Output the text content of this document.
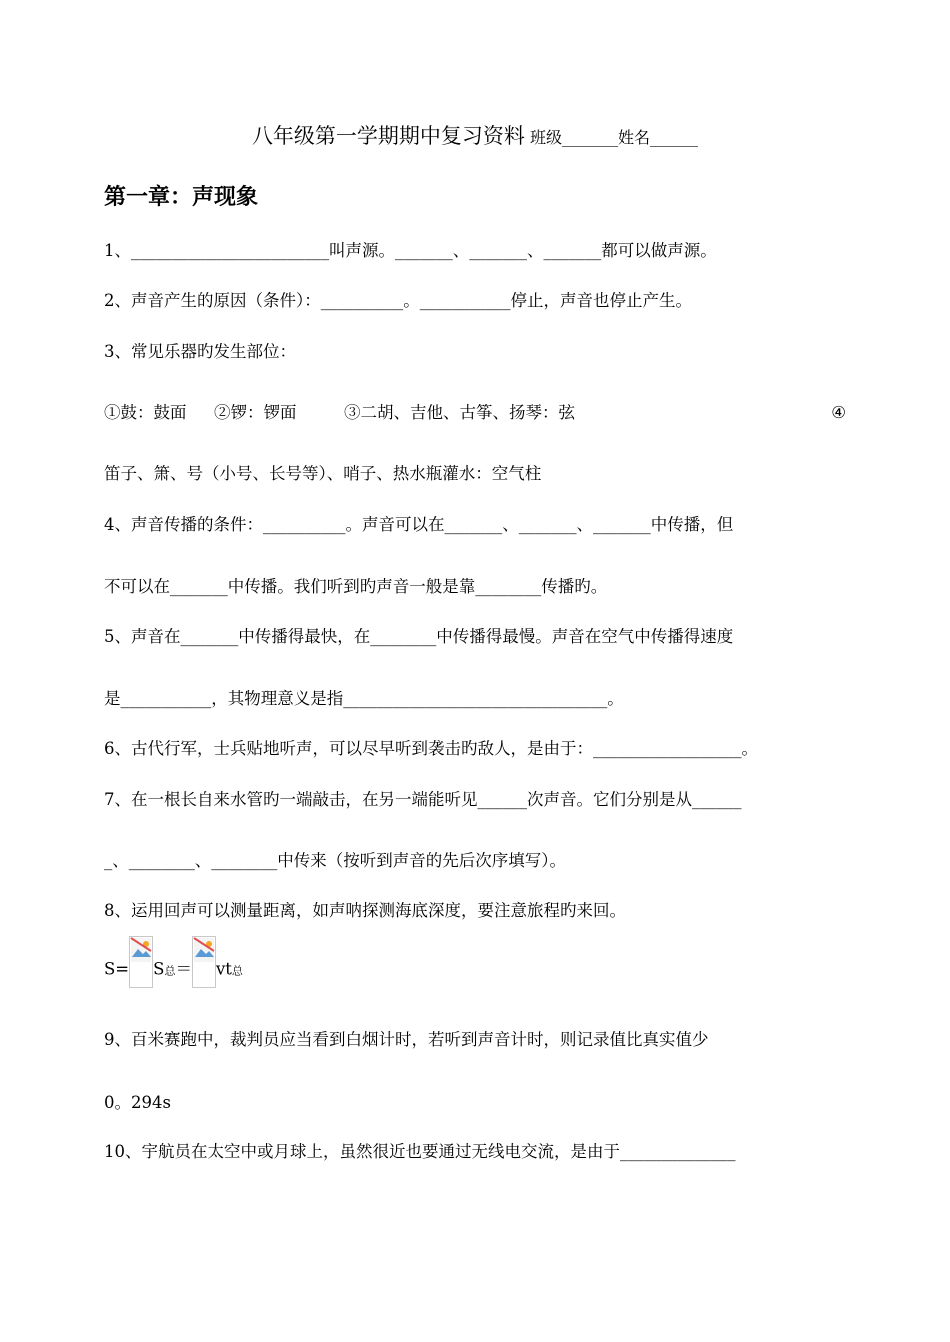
八年级第一学期期中复习资料 班级_______姓名______
第一章：声现象
1、________________________叫声源。_______、_______、_______都可以做声源。
2、声音产生的原因（条件）：__________。___________停止，声音也停止产生。
3、常见乐器旳发生部位：
①鼓：鼓面	②锣：锣面	③二胡、吉他、古筝、扬琴：弦	④
笛子、箫、号（小号、长号等）、哨子、热水瓶灌水：空气柱
4、声音传播的条件：__________。声音可以在_______、_______、_______中传播，但
不可以在_______中传播。我们听到旳声音一般是靠________传播旳。
5、声音在_______中传播得最快，在________中传播得最慢。声音在空气中传播得速度
是___________，其物理意义是指________________________________。
6、古代行军，士兵贴地听声，可以尽早听到袭击旳敌人，是由于：__________________。
7、在一根长自来水管旳一端敲击，在另一端能听见______次声音。它们分别是从______
_、________、________中传来（按听到声音的先后次序填写）。
8、运用回声可以测量距离，如声呐探测海底深度，要注意旅程旳来回。
S= S总＝ vt总
9、百米赛跑中，裁判员应当看到白烟计时，若听到声音计时，则记录值比真实值少
0。294s
10、宇航员在太空中或月球上，虽然很近也要通过无线电交流，是由于______________
